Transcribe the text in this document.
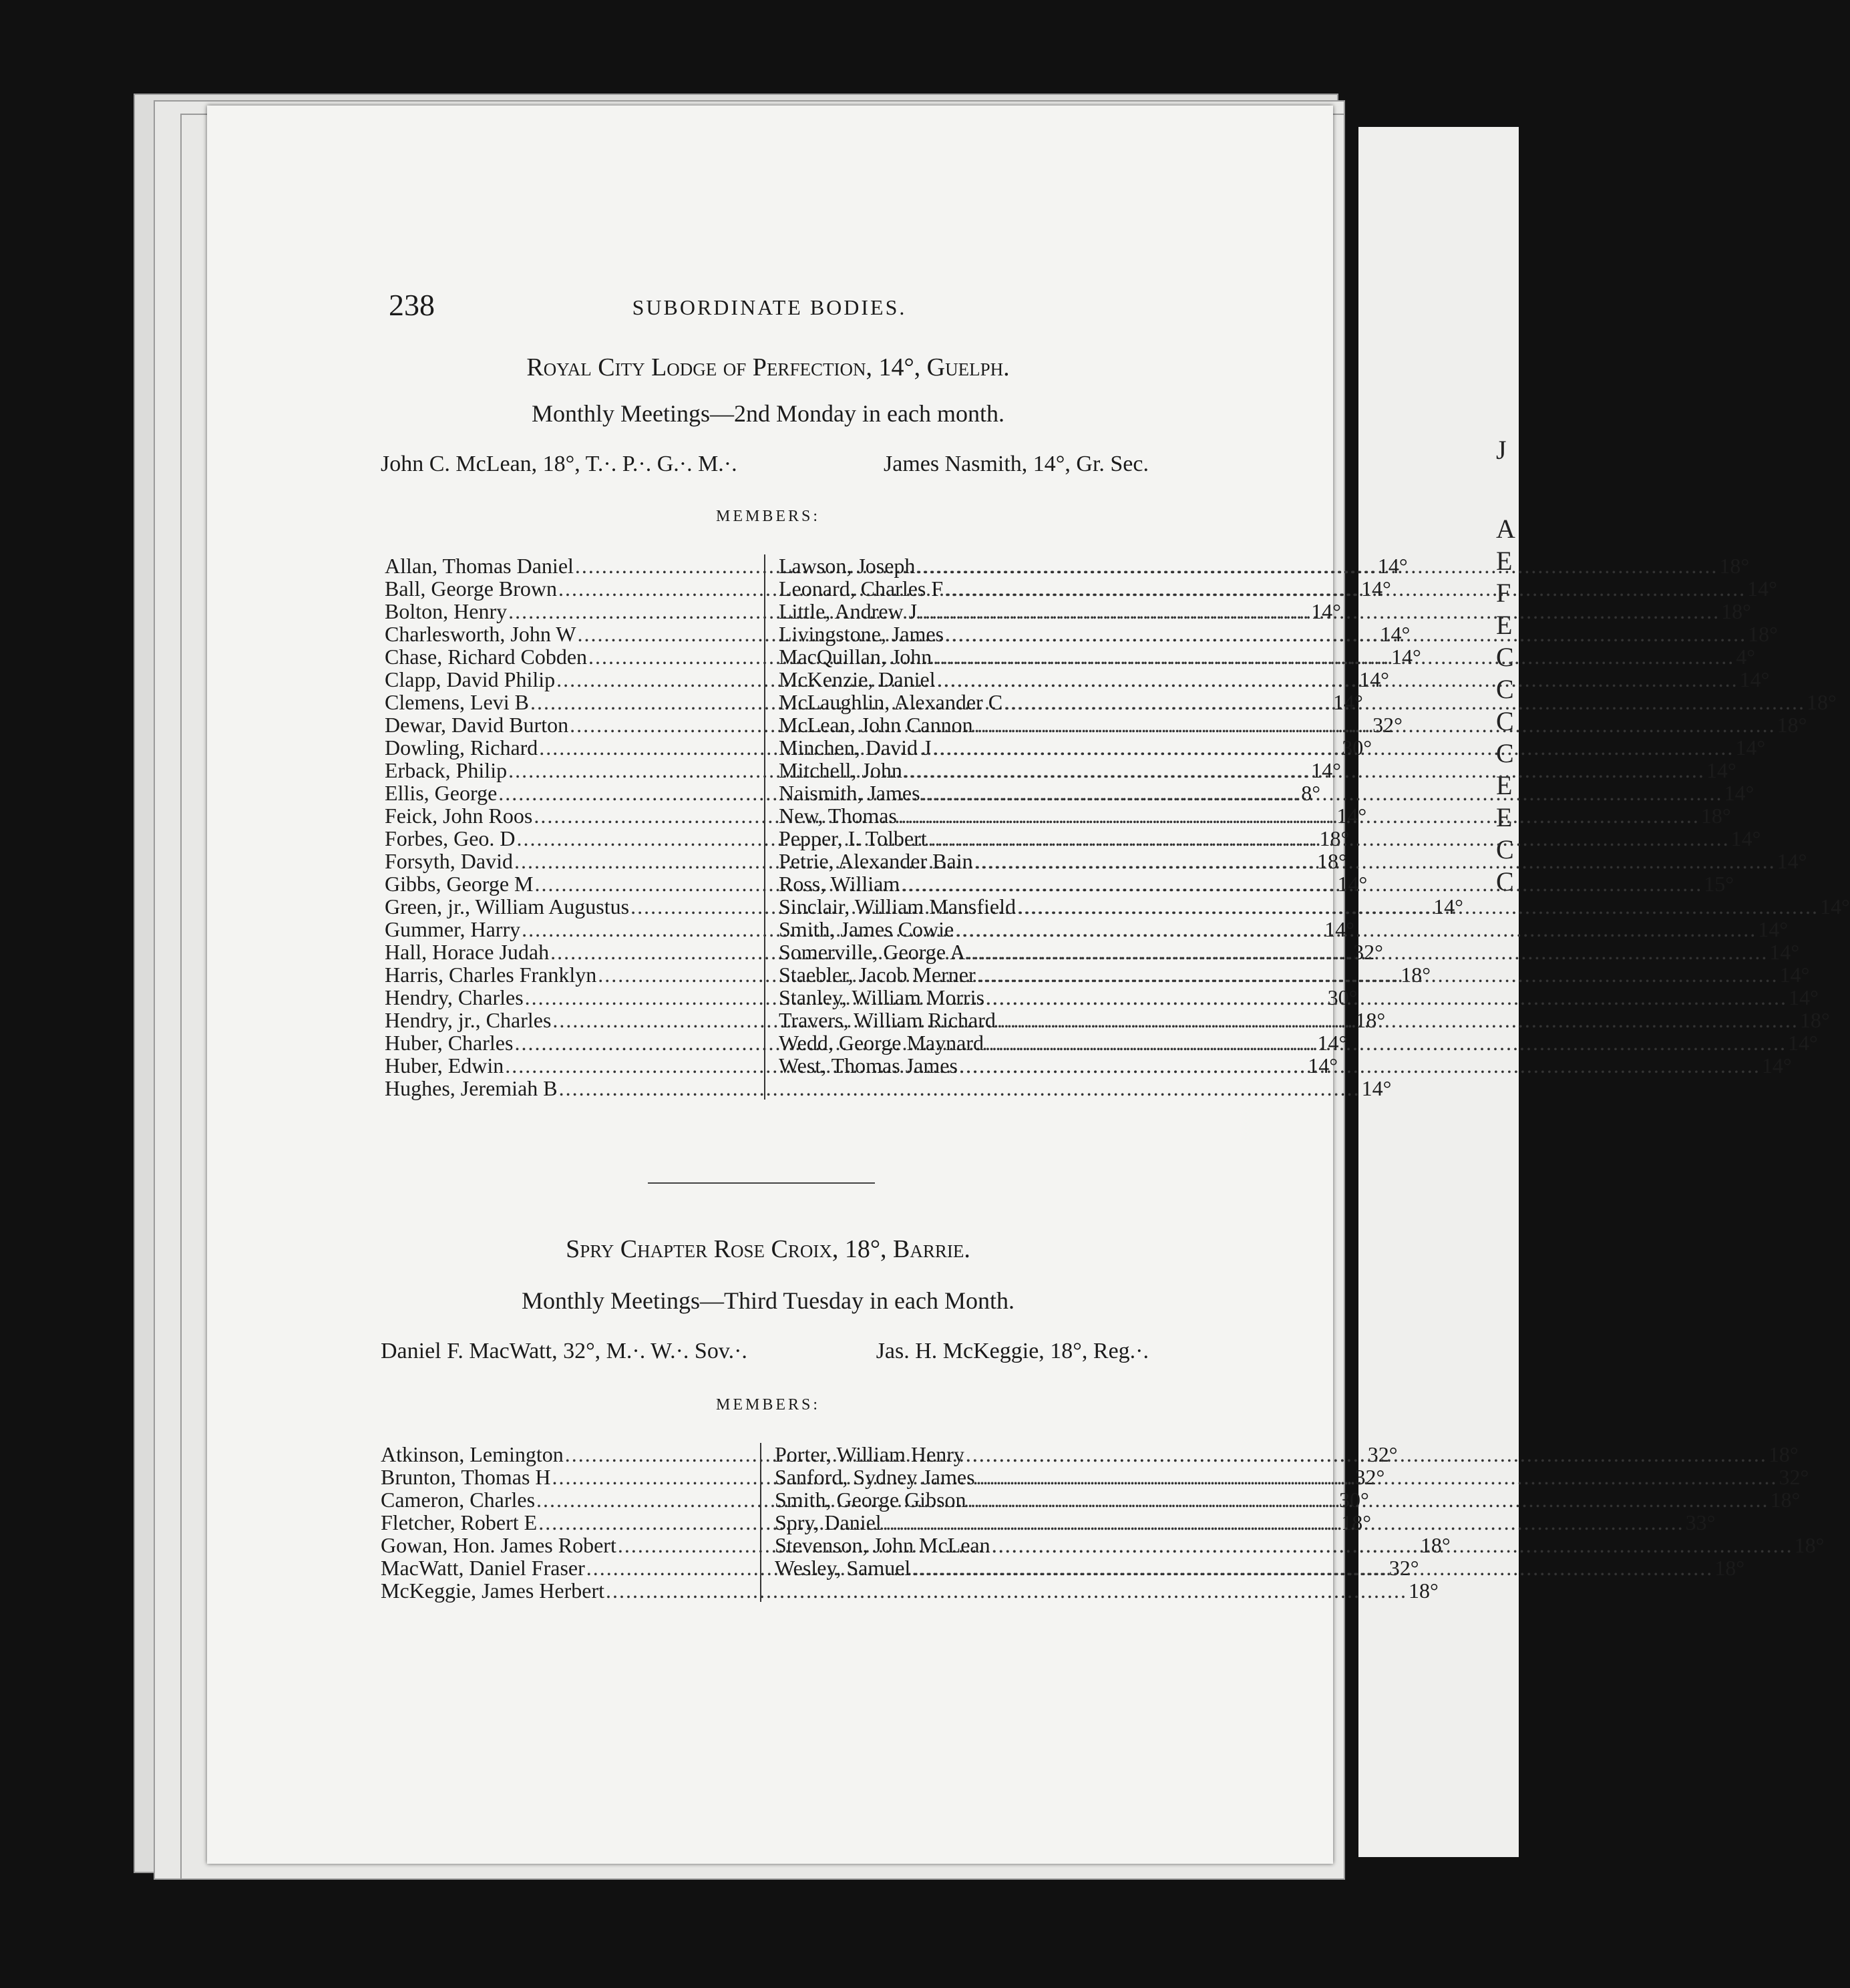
J
A
E
F
E
C
C
C
C
E
E
C
C
238	SUBORDINATE BODIES.
Royal City Lodge of Perfection, 14°, Guelph.
Monthly Meetings—2nd Monday in each month.
John C. McLean, 18°, T.·. P.·. G.·. M.·.	James Nasmith, 14°, Gr. Sec.
MEMBERS:
Allan, Thomas Daniel .....	14°
Ball, George Brown .....	14°
Bolton, Henry .....	14°
Charlesworth, John W .....	14°
Chase, Richard Cobden .....	14°
Clapp, David Philip .....	14°
Clemens, Levi B .....	14°
Dewar, David Burton .....	32°
Dowling, Richard .....	30°
Erback, Philip .....	14°
Ellis, George .....	8°
Feick, John Roos .....	14°
Forbes, Geo. D .....	18°
Forsyth, David .....	18°
Gibbs, George M .....	14°
Green, jr., William Augustus .....	14°
Gummer, Harry .....	14°
Hall, Horace Judah .....	32°
Harris, Charles Franklyn .....	18°
Hendry, Charles .....	30°
Hendry, jr., Charles .....	18°
Huber, Charles .....	14°
Huber, Edwin .....	14°
Hughes, Jeremiah B .....	14°
Lawson, Joseph .....	18°
Leonard, Charles F .....	14°
Little, Andrew J .....	18°
Livingstone, James .....	18°
MacQuillan, John .....	4°
McKenzie, Daniel .....	14°
McLaughlin, Alexander C .....	18°
McLean, John Cannon .....	18°
Minchen, David J .....	14°
Mitchell, John .....	14°
Naismith, James .....	14°
New, Thomas .....	18°
Pepper, I. Tolbert .....	14°
Petrie, Alexander Bain .....	14°
Ross, William .....	15°
Sinclair, William Mansfield .....	14°
Smith, James Cowie .....	14°
Somerville, George A .....	14°
Staebler, Jacob Merner .....	14°
Stanley, William Morris .....	14°
Travers, William Richard .....	18°
Wedd, George Maynard .....	14°
West, Thomas James .....	14°
Spry Chapter Rose Croix, 18°, Barrie.
Monthly Meetings—Third Tuesday in each Month.
Daniel F. MacWatt, 32°, M.·. W.·. Sov.·.	Jas. H. McKeggie, 18°, Reg.·.
MEMBERS:
Atkinson, Lemington .....	32°
Brunton, Thomas H .....	32°
Cameron, Charles .....	30°
Fletcher, Robert E .....	18°
Gowan, Hon. James Robert .....	18°
MacWatt, Daniel Fraser .....	32°
McKeggie, James Herbert .....	18°
Porter, William Henry .....	18°
Sanford, Sydney James .....	32°
Smith, George Gibson .....	18°
Spry, Daniel .....	33°
Stevenson, John McLean .....	18°
Wesley, Samuel .....	18°
